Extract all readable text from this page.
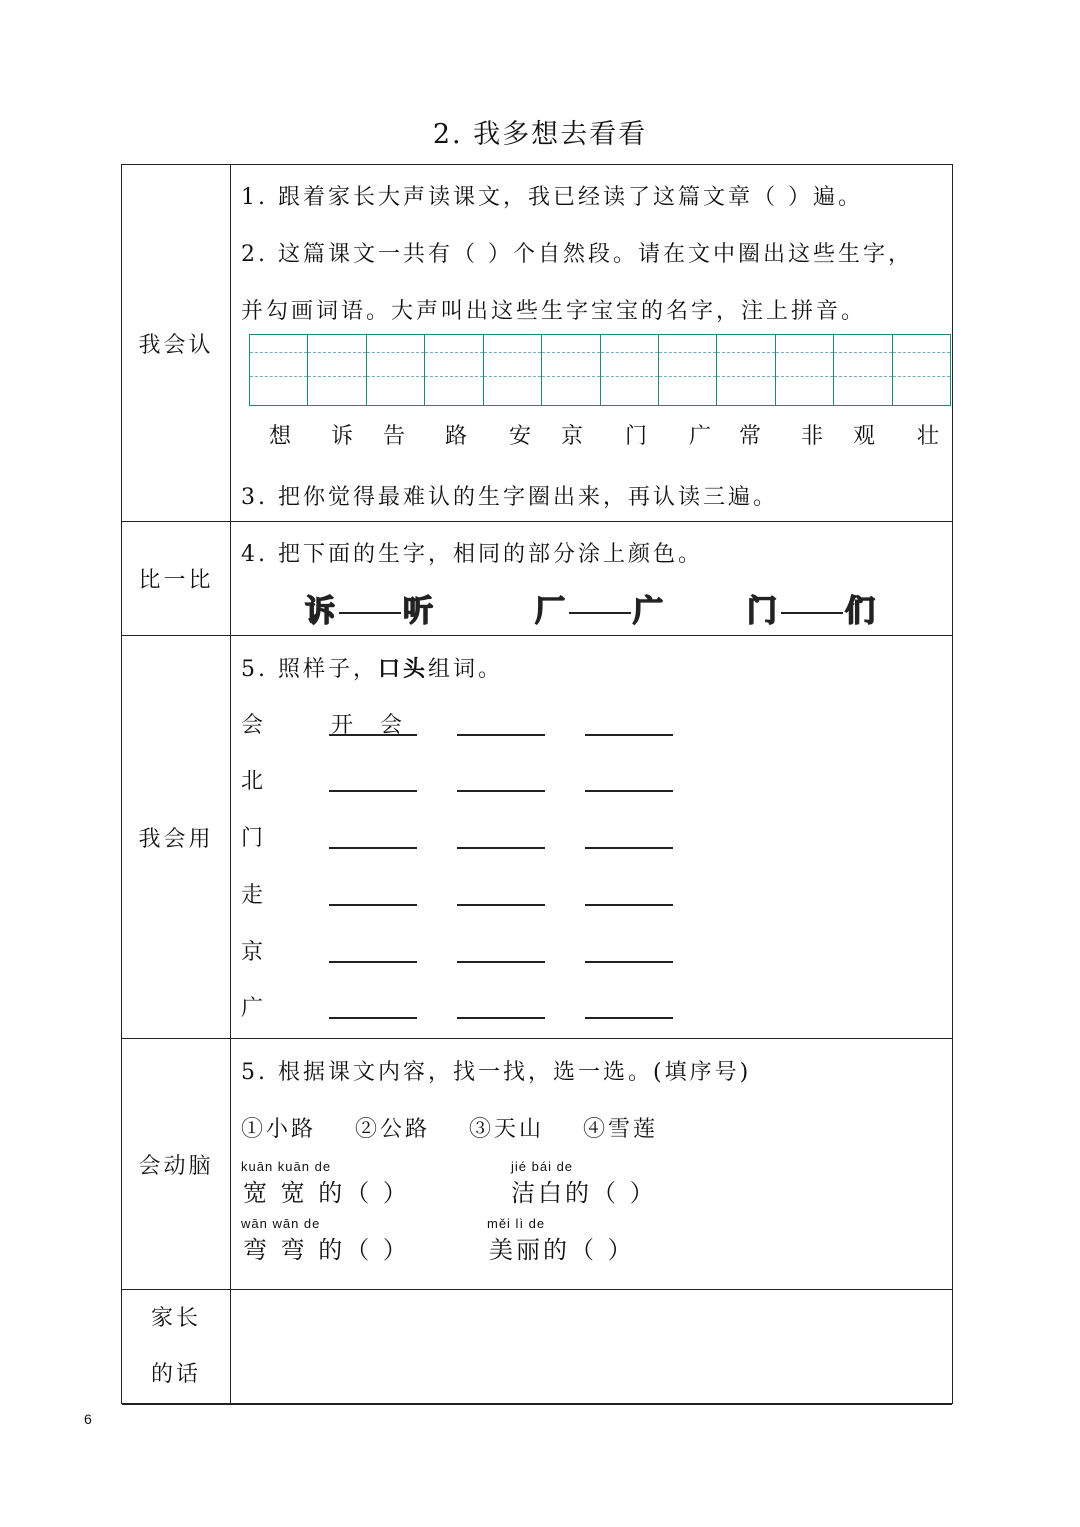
2. 我多想去看看
我会认
1. 跟着家长大声读课文，我已经读了这篇文章（ ）遍。
2. 这篇课文一共有（ ）个自然段。请在文中圈出这些生字，
并勾画词语。大声叫出这些生字宝宝的名字，注上拼音。
想 诉 告 路 安 京 门 广 常 非 观 壮
3. 把你觉得最难认的生字圈出来，再认读三遍。
比一比
4. 把下面的生字，相同的部分涂上颜色。
诉 听	厂 广	门 们
我会用
5. 照样子，口头组词。
会	开 会
北
门
走
京
广
会动脑
5. 根据课文内容，找一找，选一选。(填序号)
①小路 ②公路 ③天山 ④雪莲
kuān kuān de
宽 宽 的（ ）
jié bái de
洁白的（ ）
wān wān de
弯 弯 的（ ）
měi lì de
美丽的（ ）
家长
的话
6
